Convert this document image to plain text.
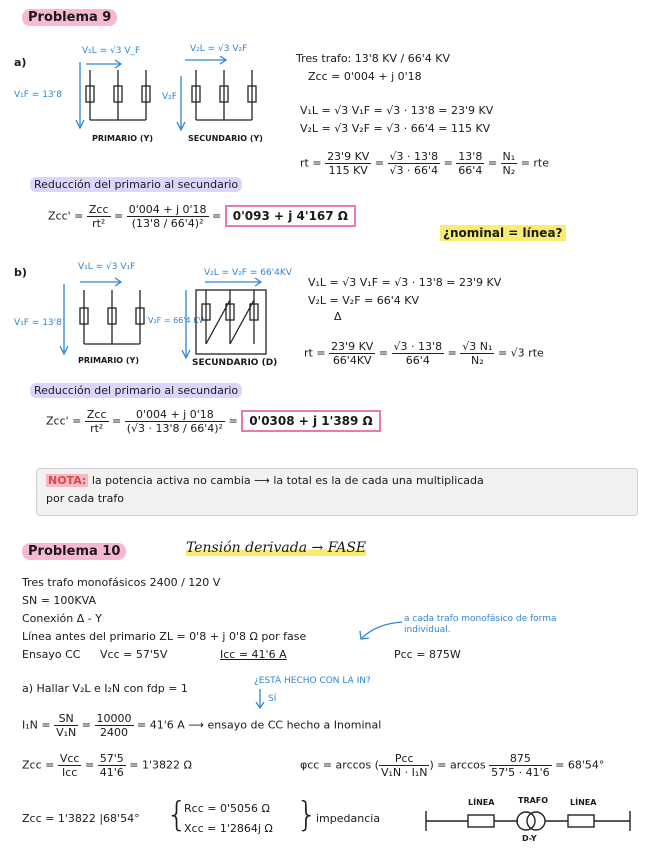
Problema 9
a)
V₁L = √3 V_F	V₂L = √3 V₂F
V₁F = 13'8	V₂F
PRIMARIO (Y)	SECUNDARIO (Y)
Tres trafo: 13'8 KV / 66'4 KV
Zcc = 0'004 + j 0'18
V₁L = √3 V₁F = √3 · 13'8 = 23'9 KV
V₂L = √3 V₂F = √3 · 66'4 = 115 KV
rt = $\frac{23'9 KV}{115 KV} = \frac{√3 \cdot 13'8}{√3 \cdot 66'4} = \frac{13'8}{66'4} = \frac{\text{N₁}}{\text{N₂}}$ = rte
Reducción del primario al secundario
$Zcc' = \frac{\text{Zcc}}{\text{rt²}} = \frac{0'004 + j 0'18}{\text{(13'8 / 66'4)²}} = 0'093 + j$ 4'167 Ω
¿nominal = línea?
b)	V₁L = √3 V₁F
V₂L = V₂F = 66'4KV
V₁F = 13'8	V₂F = 66'4 KV
PRIMARIO (Y)	SECUNDARIO (D)
V₁L = √3 V₁F = √3 · 13'8 = 23'9 KV
V₂L = V₂F = 66'4 KV
Δ
rt = $\frac{23'9 KV}{66'4KV} = \frac{√3 \cdot 13'8}{66'4} = \frac{\text{√3 N₁}}{\text{N₂}} = √3$ rte
Reducción del primario al secundario
$Zcc' = \frac{\text{Zcc}}{\text{rt²}} = \frac{0'004 + j 0'18}{\text{(√3 · 13'8 / 66'4)²}} = 0'0308 + j$ 1'389 Ω
NOTA: la potencia activa no cambia ⟶ la total es la de cada una multiplicada
por cada trafo
Problema 10	Tensión derivada → FASE
Tres trafo monofásicos 2400 / 120 V
SN = 100KVA
Conexión Δ - Y
Línea antes del primario ZL = 0'8 + j 0'8 Ω por fase
Ensayo CC Vcc = 57'5V	Icc = 41'6 A	Pcc = 875W
a cada trafo monofásico de forma individual.
a) Hallar V₂L e I₂N con fdp = 1
¿ESTÁ HECHO CON LA IN?
SÍ
$I_1N = \frac{SN}{\text{V₁N}} = \frac{10000}{2400} = 41'6$ A ⟶ ensayo de CC hecho a Inominal
Zcc = $\frac{\text{Vcc}}{\text{Icc}} = \frac{57'5}{41'6} = 1'3822$ Ω	φcc = arccos ( $\frac{\text{Pcc}}{\text{V₁N · I₁N}}$ ) = $\arccos \frac{875}{57'5 \cdot 41'6} = 68'54^\circ$
Zcc = 1'3822 |68'54° {
Rcc = 0'5056 Ω
Xcc = 1'2864j Ω }
impedancia
LÍNEA	TRAFO	LÍNEA
D-Y
